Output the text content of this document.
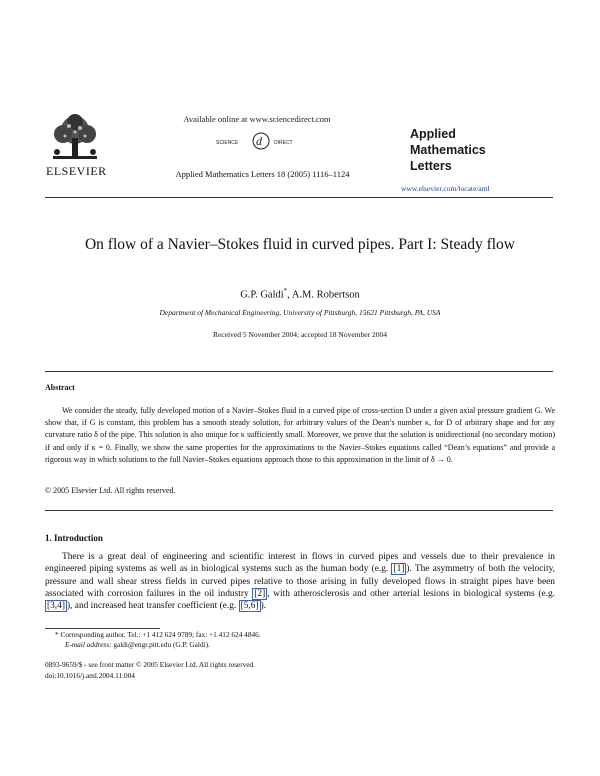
ELSEVIER
Available online at www.sciencedirect.com
SCIENCE d DIRECT
Applied Mathematics Letters 18 (2005) 1116–1124
Applied
Mathematics
Letters
www.elsevier.com/locate/aml
On flow of a Navier–Stokes fluid in curved pipes. Part I: Steady flow
G.P. Galdi*, A.M. Robertson
Department of Mechanical Engineering, University of Pittsburgh, 15621 Pittsburgh, PA, USA
Received 5 November 2004; accepted 18 November 2004
Abstract
We consider the steady, fully developed motion of a Navier–Stokes fluid in a curved pipe of cross-section D under a given axial pressure gradient G. We show that, if G is constant, this problem has a smooth steady solution, for arbitrary values of the Dean’s number κ, for D of arbitrary shape and for any curvature ratio δ of the pipe. This solution is also unique for κ sufficiently small. Moreover, we prove that the solution is unidirectional (no secondary motion) if and only if κ = 0. Finally, we show the same properties for the approximations to the Navier–Stokes equations called “Dean’s equations” and provide a rigorous way in which solutions to the full Navier–Stokes equations approach those to this approximation in the limit of δ → 0.
© 2005 Elsevier Ltd. All rights reserved.
1. Introduction
There is a great deal of engineering and scientific interest in flows in curved pipes and vessels due to their prevalence in engineered piping systems as well as in biological systems such as the human body (e.g. [1] ). The asymmetry of both the velocity, pressure and wall shear stress fields in curved pipes relative to those arising in fully developed flows in straight pipes have been associated with corrosion failures in the oil industry [2] , with atherosclerosis and other arterial lesions in biological systems (e.g. [3,4] ), and increased heat transfer coefficient (e.g. [5,6] ).
* Corresponding author. Tel.: +1 412 624 9789; fax: +1 412 624 4846.
E-mail address: galdi@engr.pitt.edu (G.P. Galdi).
0893-9659/$ - see front matter © 2005 Elsevier Ltd. All rights reserved.
doi:10.1016/j.aml.2004.11.004
